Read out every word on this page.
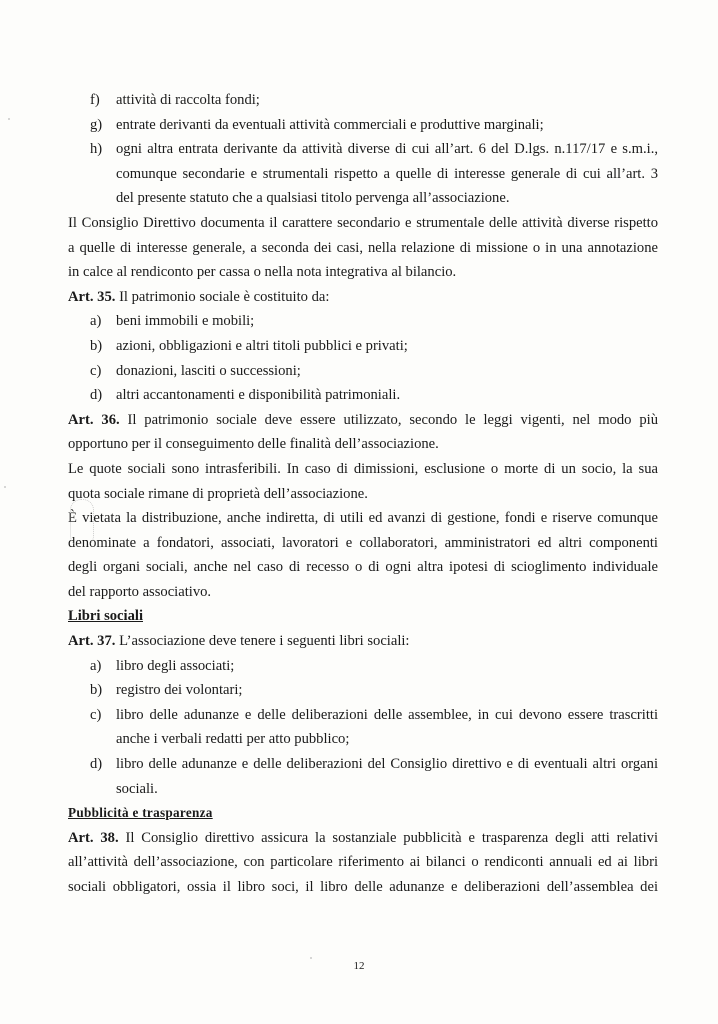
f)	attività di raccolta fondi;
g) entrate derivanti da eventuali attività commerciali e produttive marginali;
h) ogni altra entrata derivante da attività diverse di cui all’art. 6 del D.lgs. n.117/17 e s.m.i.,
comunque secondarie e strumentali rispetto a quelle di interesse generale di cui all’art. 3
del presente statuto che a qualsiasi titolo pervenga all’associazione.
Il Consiglio Direttivo documenta il carattere secondario e strumentale delle attività diverse rispetto
a quelle di interesse generale, a seconda dei casi, nella relazione di missione o in una annotazione
in calce al rendiconto per cassa o nella nota integrativa al bilancio.
Art. 35. Il patrimonio sociale è costituito da:
a)	beni immobili e mobili;
b) azioni, obbligazioni e altri titoli pubblici e privati;
c)	donazioni, lasciti o successioni;
d) altri accantonamenti e disponibilità patrimoniali.
Art. 36. Il patrimonio sociale deve essere utilizzato, secondo le leggi vigenti, nel modo più
opportuno per il conseguimento delle finalità dell’associazione.
Le quote sociali sono intrasferibili. In caso di dimissioni, esclusione o morte di un socio, la sua
quota sociale rimane di proprietà dell’associazione.
È vietata la distribuzione, anche indiretta, di utili ed avanzi di gestione, fondi e riserve comunque
denominate a fondatori, associati, lavoratori e collaboratori, amministratori ed altri componenti
degli organi sociali, anche nel caso di recesso o di ogni altra ipotesi di scioglimento individuale
del rapporto associativo.
Libri sociali
Art. 37. L’associazione deve tenere i seguenti libri sociali:
a)	libro degli associati;
b) registro dei volontari;
c)	libro delle adunanze e delle deliberazioni delle assemblee, in cui devono essere trascritti
anche i verbali redatti per atto pubblico;
d) libro delle adunanze e delle deliberazioni del Consiglio direttivo e di eventuali altri organi
sociali.
Pubblicità e trasparenza
Art. 38. Il Consiglio direttivo assicura la sostanziale pubblicità e trasparenza degli atti relativi
all’attività dell’associazione, con particolare riferimento ai bilanci o rendiconti annuali ed ai libri
sociali obbligatori, ossia il libro soci, il libro delle adunanze e deliberazioni dell’assemblea dei
12
